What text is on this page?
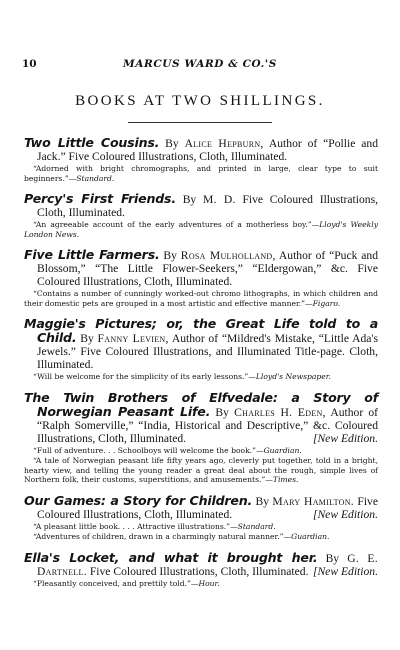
10	MARCUS WARD & CO.'S
BOOKS AT TWO SHILLINGS.
Two Little Cousins. By Alice Hepburn, Author of “Pollie and Jack.” Five Coloured Illustrations, Cloth, Illuminated.
“Adorned with bright chromographs, and printed in large, clear type to suit beginners.”—Standard.
Percy's First Friends. By M. D. Five Coloured Illustrations, Cloth, Illuminated.
“An agreeable account of the early adventures of a motherless boy.”—Lloyd's Weekly London News.
Five Little Farmers. By Rosa Mulholland, Author of “Puck and Blossom,” “The Little Flower-Seekers,” “Eldergowan,” &c. Five Coloured Illustrations, Cloth, Illuminated.
“Contains a number of cunningly worked-out chromo lithographs, in which children and their domestic pets are grouped in a most artistic and effective manner.”—Figaro.
Maggie's Pictures; or, the Great Life told to a Child. By Fanny Levien, Author of “Mildred's Mistake, “Little Ada's Jewels.” Five Coloured Illustrations, and Illuminated Title-page. Cloth, Illuminated.
“Will be welcome for the simplicity of its early lessons.”—Lloyd's Newspaper.
The Twin Brothers of Elfvedale: a Story of Norwegian Peasant Life. By Charles H. Eden, Author of “Ralph Somerville,” “India, Historical and Descriptive,” &c. Coloured Illustrations, Cloth, Illuminated.	[New Edition.
“Full of adventure. . . Schoolboys will welcome the book.”—Guardian.
“A tale of Norwegian peasant life fifty years ago, cleverly put together, told in a bright, hearty view, and telling the young reader a great deal about the rough, simple lives of Northern folk, their customs, superstitions, and amusements.”—Times.
Our Games: a Story for Children. By Mary Hamilton. Five Coloured Illustrations, Cloth, Illuminated.	[New Edition.
“A pleasant little book. . . . Attractive illustrations.”—Standard.
“Adventures of children, drawn in a charmingly natural manner.”—Guardian.
Ella's Locket, and what it brought her. By G. E. Dartnell. Five Coloured Illustrations, Cloth, Illuminated. [New Edition.
“Pleasantly conceived, and prettily told.”—Hour.
